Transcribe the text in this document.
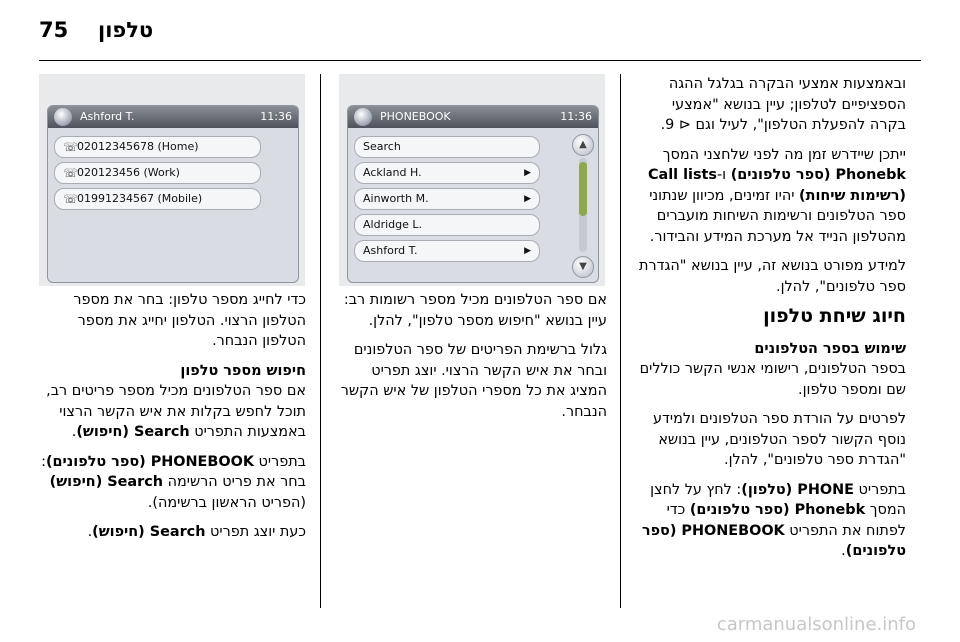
75 טלפון

ובאמצעות אמצעי הבקרה בגלגל ההגה הספציפיים לטלפון; עיין בנושא "אמצעי בקרה להפעלת הטלפון", לעיל וגם ⊲ 9.

ייתכן שיידרש זמן מה לפני שלחצני המסך Phonebk (ספר טלפונים) ו-Call lists (רשימות שיחות) יהיו זמינים, מכיוון שנתוני ספר הטלפונים ורשימות השיחות מועברים מהטלפון הנייד אל מערכת המידע והבידור.

למידע מפורט בנושא זה, עיין בנושא "הגדרת ספר טלפונים", להלן.

חיוג שיחת טלפון
שימוש בספר הטלפונים

בספר הטלפונים, רישומי אנשי הקשר כוללים שם ומספר טלפון.

לפרטים על הורדת ספר הטלפונים ולמידע נוסף הקשור לספר הטלפונים, עיין בנושא "הגדרת ספר טלפונים", להלן.

בתפריט PHONE (טלפון): לחץ על לחצן המסך Phonebk (ספר טלפונים) כדי לפתוח את התפריט PHONEBOOK (ספר טלפונים).

PHONEBOOK	11:36
Search
Ackland H.	▶
Ainworth M.	▶
Aldridge L.
Ashford T.	▶
▲
▼

אם ספר הטלפונים מכיל מספר רשומות רב: עיין בנושא "חיפוש מספר טלפון", להלן.

גלול ברשימת הפריטים של ספר הטלפונים ובחר את איש הקשר הרצוי. יוצג תפריט המציג את כל מספרי הטלפון של איש הקשר הנבחר.

Ashford T.	11:36
☏
02012345678 (Home)
☏
020123456 (Work)
☏
01991234567 (Mobile)

כדי לחייג מספר טלפון: בחר את מספר הטלפון הרצוי. הטלפון יחייג את מספר הטלפון הנבחר.

חיפוש מספר טלפון

אם ספר הטלפונים מכיל מספר פריטים רב, תוכל לחפש בקלות את איש הקשר הרצוי באמצעות התפריט Search (חיפוש).

בתפריט PHONEBOOK (ספר טלפונים): בחר את פריט הרשימה Search (חיפוש) (הפריט הראשון ברשימה).

כעת יוצג תפריט Search (חיפוש).

carmanualsonline.info
